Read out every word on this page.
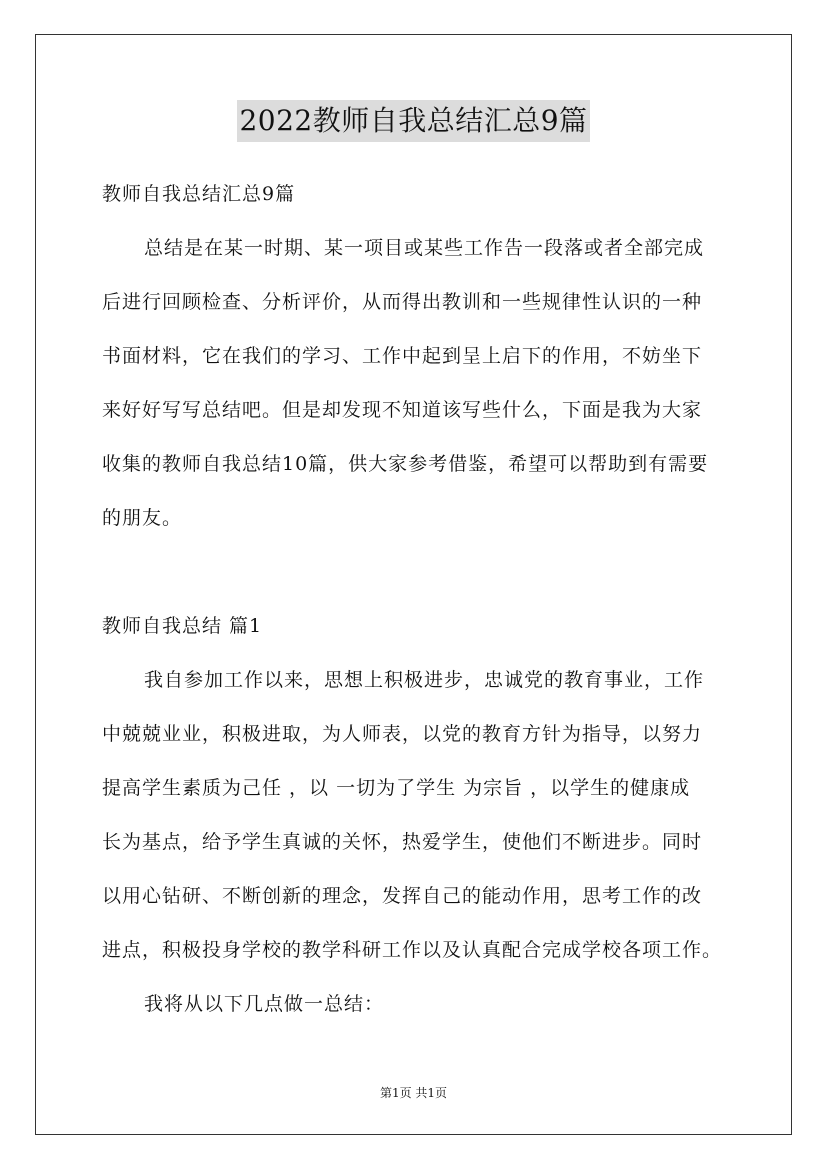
2022教师自我总结汇总9篇
教师自我总结汇总9篇
总结是在某一时期、某一项目或某些工作告一段落或者全部完成
后进行回顾检查、分析评价，从而得出教训和一些规律性认识的一种
书面材料，它在我们的学习、工作中起到呈上启下的作用，不妨坐下
来好好写写总结吧。但是却发现不知道该写些什么，下面是我为大家
收集的教师自我总结10篇，供大家参考借鉴，希望可以帮助到有需要
的朋友。
教师自我总结 篇1
我自参加工作以来，思想上积极进步，忠诚党的教育事业，工作
中兢兢业业，积极进取，为人师表，以党的教育方针为指导，以努力
提高学生素质为己任 ，以 一切为了学生 为宗旨 ，以学生的健康成
长为基点，给予学生真诚的关怀，热爱学生，使他们不断进步。同时
以用心钻研、不断创新的理念，发挥自己的能动作用，思考工作的改
进点，积极投身学校的教学科研工作以及认真配合完成学校各项工作。
我将从以下几点做一总结：
第1页 共1页
